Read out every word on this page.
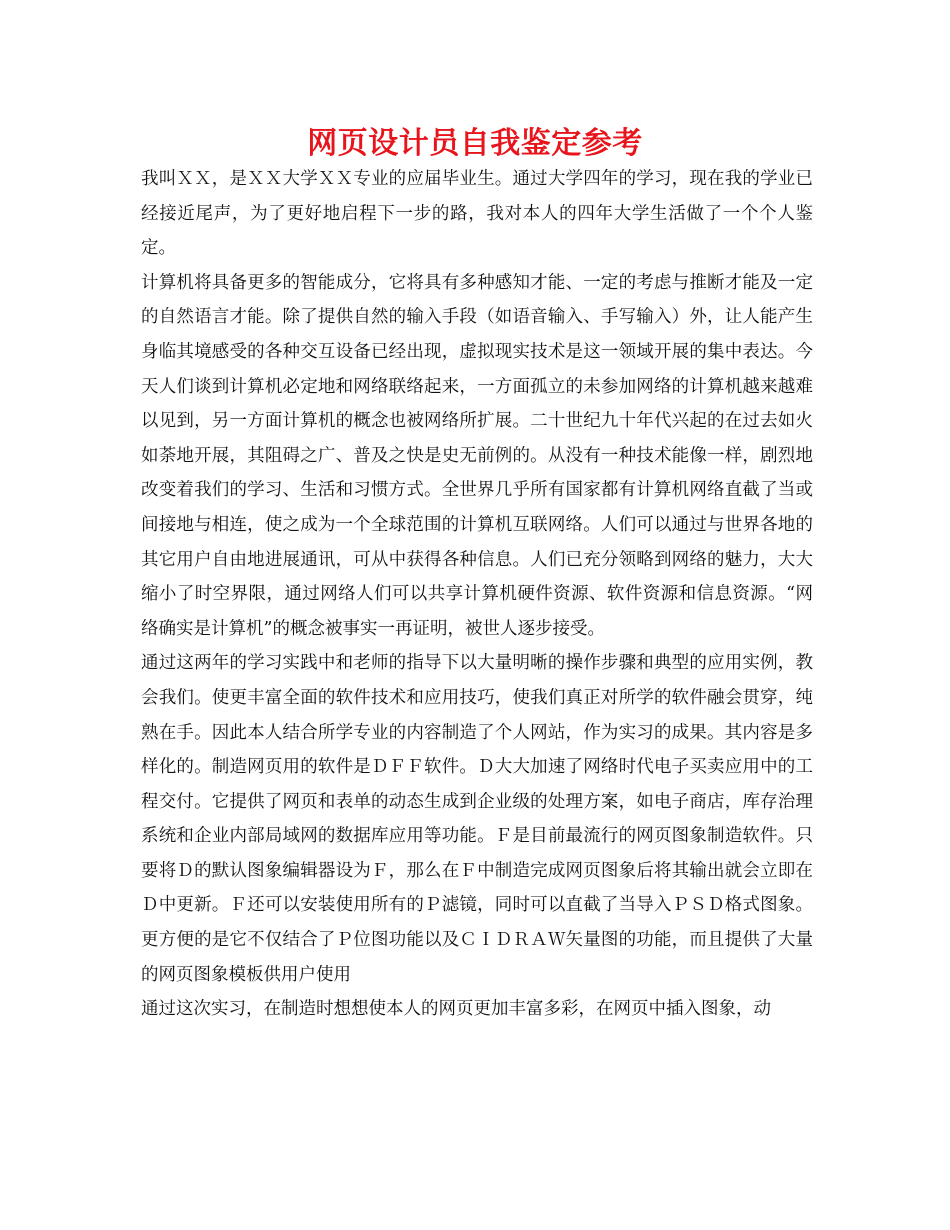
网页设计员自我鉴定参考

我叫ＸＸ，是ＸＸ大学ＸＸ专业的应届毕业生。通过大学四年的学习，现在我的学业已经接近尾声，为了更好地启程下一步的路，我对本人的四年大学生活做了一个个人鉴定。

计算机将具备更多的智能成分，它将具有多种感知才能、一定的考虑与推断才能及一定的自然语言才能。除了提供自然的输入手段（如语音输入、手写输入）外，让人能产生身临其境感受的各种交互设备已经出现，虚拟现实技术是这一领域开展的集中表达。今天人们谈到计算机必定地和网络联络起来，一方面孤立的未参加网络的计算机越来越难以见到，另一方面计算机的概念也被网络所扩展。二十世纪九十年代兴起的在过去如火如荼地开展，其阻碍之广、普及之快是史无前例的。从没有一种技术能像一样，剧烈地改变着我们的学习、生活和习惯方式。全世界几乎所有国家都有计算机网络直截了当或间接地与相连，使之成为一个全球范围的计算机互联网络。人们可以通过与世界各地的其它用户自由地进展通讯，可从中获得各种信息。人们已充分领略到网络的魅力，大大缩小了时空界限，通过网络人们可以共享计算机硬件资源、软件资源和信息资源。“网络确实是计算机”的概念被事实一再证明，被世人逐步接受。

通过这两年的学习实践中和老师的指导下以大量明晰的操作步骤和典型的应用实例，教会我们。使更丰富全面的软件技术和应用技巧，使我们真正对所学的软件融会贯穿，纯熟在手。因此本人结合所学专业的内容制造了个人网站，作为实习的成果。其内容是多样化的。制造网页用的软件是ＤＦＦ软件。Ｄ大大加速了网络时代电子买卖应用中的工程交付。它提供了网页和表单的动态生成到企业级的处理方案，如电子商店，库存治理系统和企业内部局域网的数据库应用等功能。Ｆ是目前最流行的网页图象制造软件。只要将Ｄ的默认图象编辑器设为Ｆ，那么在Ｆ中制造完成网页图象后将其输出就会立即在Ｄ中更新。Ｆ还可以安装使用所有的Ｐ滤镜，同时可以直截了当导入ＰＳＤ格式图象。更方便的是它不仅结合了Ｐ位图功能以及ＣＩＤＲＡＷ矢量图的功能，而且提供了大量的网页图象模板供用户使用

通过这次实习，在制造时想想使本人的网页更加丰富多彩，在网页中插入图象，动
